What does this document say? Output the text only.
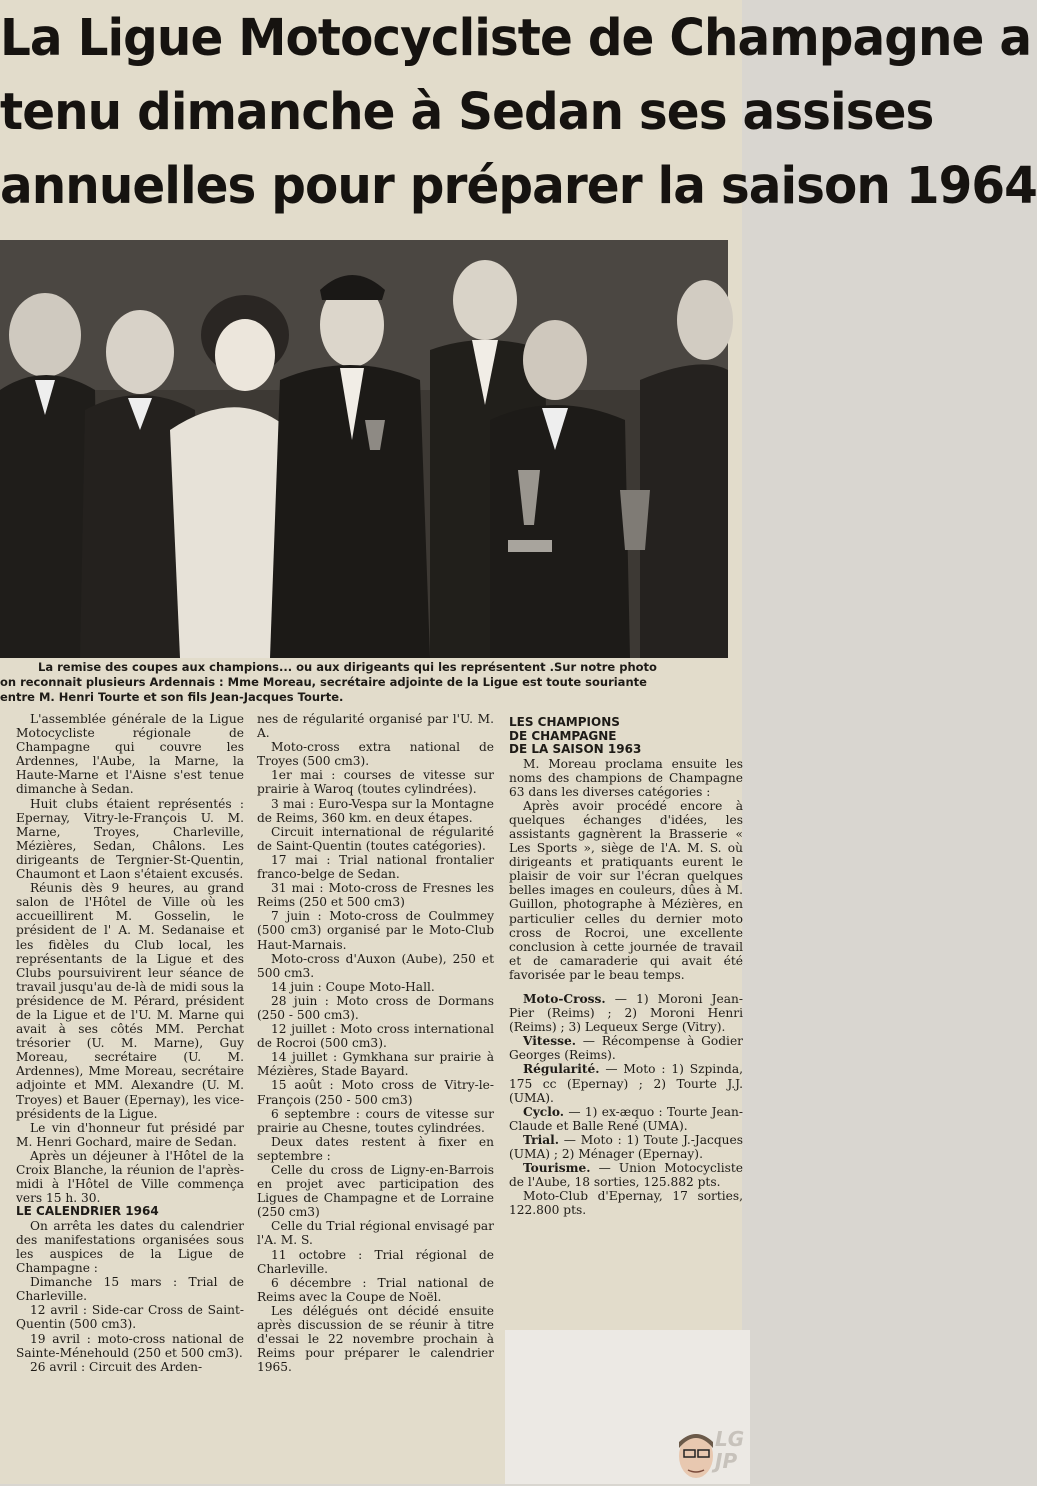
La Ligue Motocycliste de Champagne a
tenu dimanche à Sedan ses assises
annuelles pour préparer la saison 1964
La remise des coupes aux champions... ou aux dirigeants qui les représentent .Sur notre photo
on reconnait plusieurs Ardennais : Mme Moreau, secrétaire adjointe de la Ligue est toute souriante
entre M. Henri Tourte et son fils Jean-Jacques Tourte.

L'assemblée générale de la Ligue Motocycliste régionale de Champagne qui couvre les Ardennes, l'Aube, la Marne, la Haute-Marne et l'Aisne s'est tenue dimanche à Sedan.

Huit clubs étaient représentés : Epernay, Vitry-le-François U. M. Marne, Troyes, Charleville, Mézières, Sedan, Châlons. Les dirigeants de Tergnier-St-Quentin, Chaumont et Laon s'étaient excusés.

Réunis dès 9 heures, au grand salon de l'Hôtel de Ville où les accueillirent M. Gosselin, le président de l' A. M. Sedanaise et les fidèles du Club local, les représentants de la Ligue et des Clubs poursuivirent leur séance de travail jusqu'au de-là de midi sous la présidence de M. Pérard, président de la Ligue et de l'U. M. Marne qui avait à ses côtés MM. Perchat trésorier (U. M. Marne), Guy Moreau, secrétaire (U. M. Ardennes), Mme Moreau, secrétaire adjointe et MM. Alexandre (U. M. Troyes) et Bauer (Epernay), les vice-présidents de la Ligue.

Le vin d'honneur fut présidé par M. Henri Gochard, maire de Sedan.

Après un déjeuner à l'Hôtel de la Croix Blanche, la réunion de l'après-midi à l'Hôtel de Ville commença vers 15 h. 30.

LE CALENDRIER 1964

On arrêta les dates du calendrier des manifestations organisées sous les auspices de la Ligue de Champagne :

Dimanche 15 mars : Trial de Charleville.

12 avril : Side-car Cross de Saint-Quentin (500 cm3).

19 avril : moto-cross national de Sainte-Ménehould (250 et 500 cm3).

26 avril : Circuit des Arden-

nes de régularité organisé par l'U. M. A.

Moto-cross extra national de Troyes (500 cm3).

1er mai : courses de vitesse sur prairie à Waroq (toutes cylindrées).

3 mai : Euro-Vespa sur la Montagne de Reims, 360 km. en deux étapes.

Circuit international de régularité de Saint-Quentin (toutes catégories).

17 mai : Trial national frontalier franco-belge de Sedan.

31 mai : Moto-cross de Fresnes les Reims (250 et 500 cm3)

7 juin : Moto-cross de Coulmmey (500 cm3) organisé par le Moto-Club Haut-Marnais.

Moto-cross d'Auxon (Aube), 250 et 500 cm3.

14 juin : Coupe Moto-Hall.

28 juin : Moto cross de Dormans (250 - 500 cm3).

12 juillet : Moto cross international de Rocroi (500 cm3).

14 juillet : Gymkhana sur prairie à Mézières, Stade Bayard.

15 août : Moto cross de Vitry-le-François (250 - 500 cm3)

6 septembre : cours de vitesse sur prairie au Chesne, toutes cylindrées.

Deux dates restent à fixer en septembre :

Celle du cross de Ligny-en-Barrois en projet avec participation des Ligues de Champagne et de Lorraine (250 cm3)

Celle du Trial régional envisagé par l'A. M. S.

11 octobre : Trial régional de Charleville.

6 décembre : Trial national de Reims avec la Coupe de Noël.

Les délégués ont décidé ensuite après discussion de se réunir à titre d'essai le 22 novembre prochain à Reims pour préparer le calendrier 1965.

LES CHAMPIONS

DE CHAMPAGNE

DE LA SAISON 1963

M. Moreau proclama ensuite les noms des champions de Champagne 63 dans les diverses catégories :

Après avoir procédé encore à quelques échanges d'idées, les assistants gagnèrent la Brasserie « Les Sports », siège de l'A. M. S. où dirigeants et pratiquants eurent le plaisir de voir sur l'écran quelques belles images en couleurs, dûes à M. Guillon, photographe à Mézières, en particulier celles du dernier moto cross de Rocroi, une excellente conclusion à cette journée de travail et de camaraderie qui avait été favorisée par le beau temps.

Moto-Cross. — 1) Moroni Jean-Pier (Reims) ; 2) Moroni Henri (Reims) ; 3) Lequeux Serge (Vitry).

Vitesse. — Récompense à Godier Georges (Reims).

Régularité. — Moto : 1) Szpinda, 175 cc (Epernay) ; 2) Tourte J.J. (UMA).

Cyclo. — 1) ex-æquo : Tourte Jean-Claude et Balle René (UMA).

Trial. — Moto : 1) Toute J.-Jacques (UMA) ; 2) Ménager (Epernay).

Tourisme. — Union Motocycliste de l'Aube, 18 sorties, 125.882 pts.

Moto-Club d'Epernay, 17 sorties, 122.800 pts.

LG
JP
